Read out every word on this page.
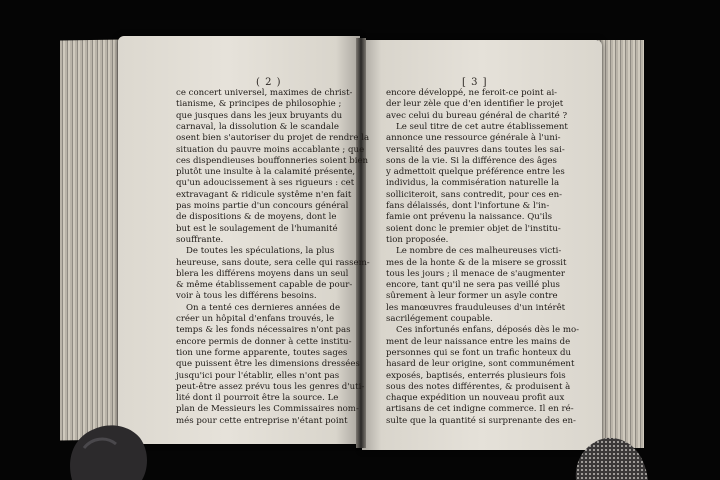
( 2 )	[ 3 ]
ce concert universel, maximes de christ-
tianisme, & principes de philosophie ;
que jusques dans les jeux bruyants du
carnaval, la dissolution & le scandale
osent bien s'autoriser du projet de rendre la
situation du pauvre moins accablante ; que
ces dispendieuses bouffonneries soient bien
plutôt une insulte à la calamité présente,
qu'un adoucissement à ses rigueurs : cet
extravagant & ridicule systême n'en fait
pas moins partie d'un concours général
de dispositions & de moyens, dont le
but est le soulagement de l'humanité
souffrante.
De toutes les spéculations, la plus
heureuse, sans doute, sera celle qui rassem-
blera les différens moyens dans un seul
& même établissement capable de pour-
voir à tous les différens besoins.
On a tenté ces dernieres années de
créer un hôpital d'enfans trouvés, le
temps & les fonds nécessaires n'ont pas
encore permis de donner à cette institu-
tion une forme apparente, toutes sages
que puissent être les dimensions dressées
jusqu'ici pour l'établir, elles n'ont pas
peut-être assez prévu tous les genres d'uti-
lité dont il pourroit être la source. Le
plan de Messieurs les Commissaires nom-
més pour cette entreprise n'étant point
encore développé, ne feroit-ce point ai-
der leur zèle que d'en identifier le projet
avec celui du bureau général de charité ?
Le seul titre de cet autre établissement
annonce une ressource générale à l'uni-
versalité des pauvres dans toutes les sai-
sons de la vie. Si la différence des âges
y admettoit quelque préférence entre les
individus, la commisération naturelle la
solliciteroit, sans contredit, pour ces en-
fans délaissés, dont l'infortune & l'in-
famie ont prévenu la naissance. Qu'ils
soient donc le premier objet de l'institu-
tion proposée.
Le nombre de ces malheureuses victi-
mes de la honte & de la misere se grossit
tous les jours ; il menace de s'augmenter
encore, tant qu'il ne sera pas veillé plus
sûrement à leur former un asyle contre
les manœuvres frauduleuses d'un intérêt
sacrilégement coupable.
Ces infortunés enfans, déposés dès le mo-
ment de leur naissance entre les mains de
personnes qui se font un trafic honteux du
hasard de leur origine, sont communément
exposés, baptisés, enterrés plusieurs fois
sous des notes différentes, & produisent à
chaque expédition un nouveau profit aux
artisans de cet indigne commerce. Il en ré-
sulte que la quantité si surprenante des en-
